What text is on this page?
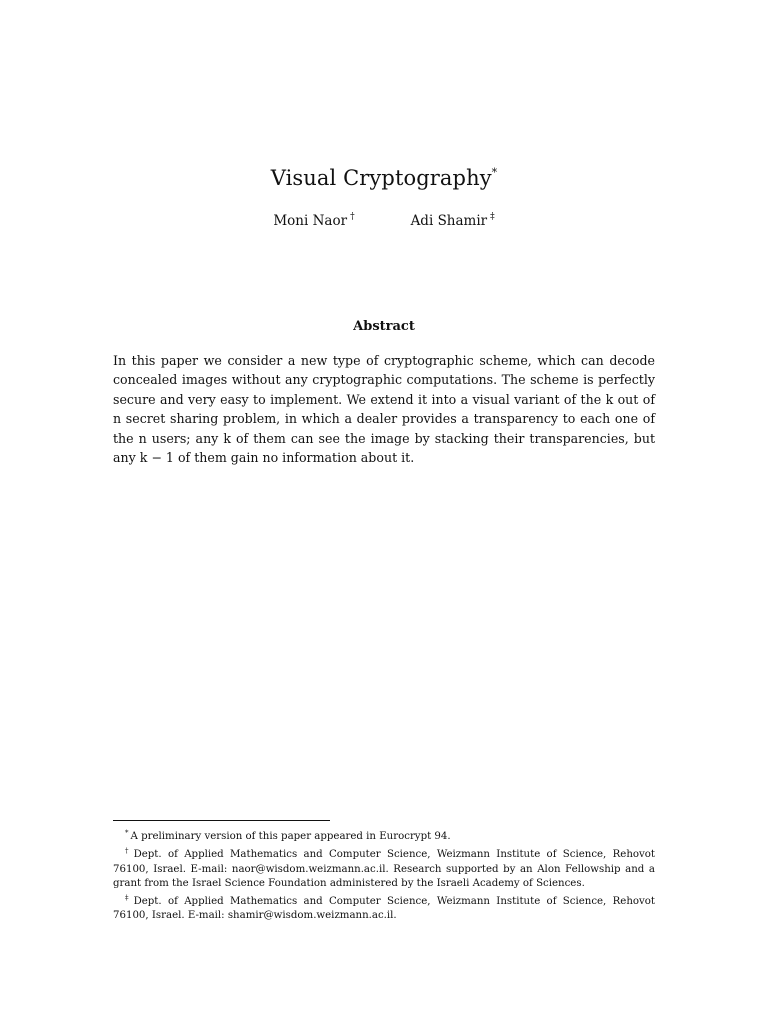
Visual Cryptography*
Moni Naor †	Adi Shamir ‡
Abstract

In this paper we consider a new type of cryptographic scheme, which can decode concealed images without any cryptographic computations. The scheme is perfectly secure and very easy to implement. We extend it into a visual variant of the k out of n secret sharing problem, in which a dealer provides a transparency to each one of the n users; any k of them can see the image by stacking their transparencies, but any k − 1 of them gain no information about it.

* A preliminary version of this paper appeared in Eurocrypt 94.

† Dept. of Applied Mathematics and Computer Science, Weizmann Institute of Science, Rehovot 76100, Israel. E-mail: naor@wisdom.weizmann.ac.il. Research supported by an Alon Fellowship and a grant from the Israel Science Foundation administered by the Israeli Academy of Sciences.

‡ Dept. of Applied Mathematics and Computer Science, Weizmann Institute of Science, Rehovot 76100, Israel. E-mail: shamir@wisdom.weizmann.ac.il.
